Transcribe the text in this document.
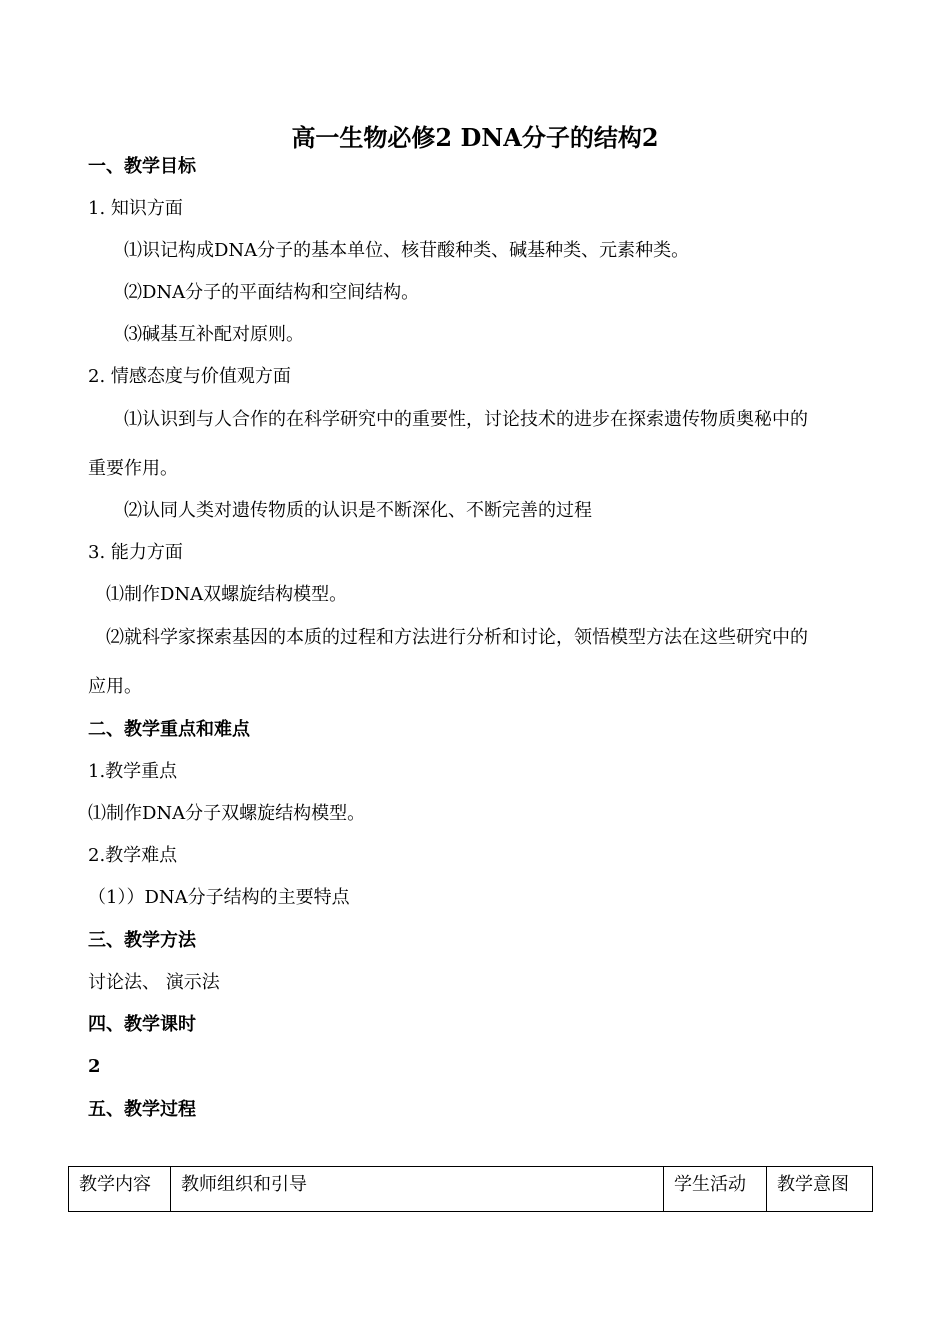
高一生物必修2 DNA分子的结构2
一、教学目标
1. 知识方面
⑴识记构成DNA分子的基本单位、核苷酸种类、碱基种类、元素种类。
⑵DNA分子的平面结构和空间结构。
⑶碱基互补配对原则。
2. 情感态度与价值观方面
⑴认识到与人合作的在科学研究中的重要性，讨论技术的进步在探索遗传物质奥秘中的
重要作用。
⑵认同人类对遗传物质的认识是不断深化、不断完善的过程
3. 能力方面
⑴制作DNA双螺旋结构模型。
⑵就科学家探索基因的本质的过程和方法进行分析和讨论，领悟模型方法在这些研究中的
应用。
二、教学重点和难点
1.教学重点
⑴制作DNA分子双螺旋结构模型。
2.教学难点
（1））DNA分子结构的主要特点
三、教学方法
讨论法、 演示法
四、教学课时
2
五、教学过程
教学内容	教师组织和引导	学生活动	教学意图
